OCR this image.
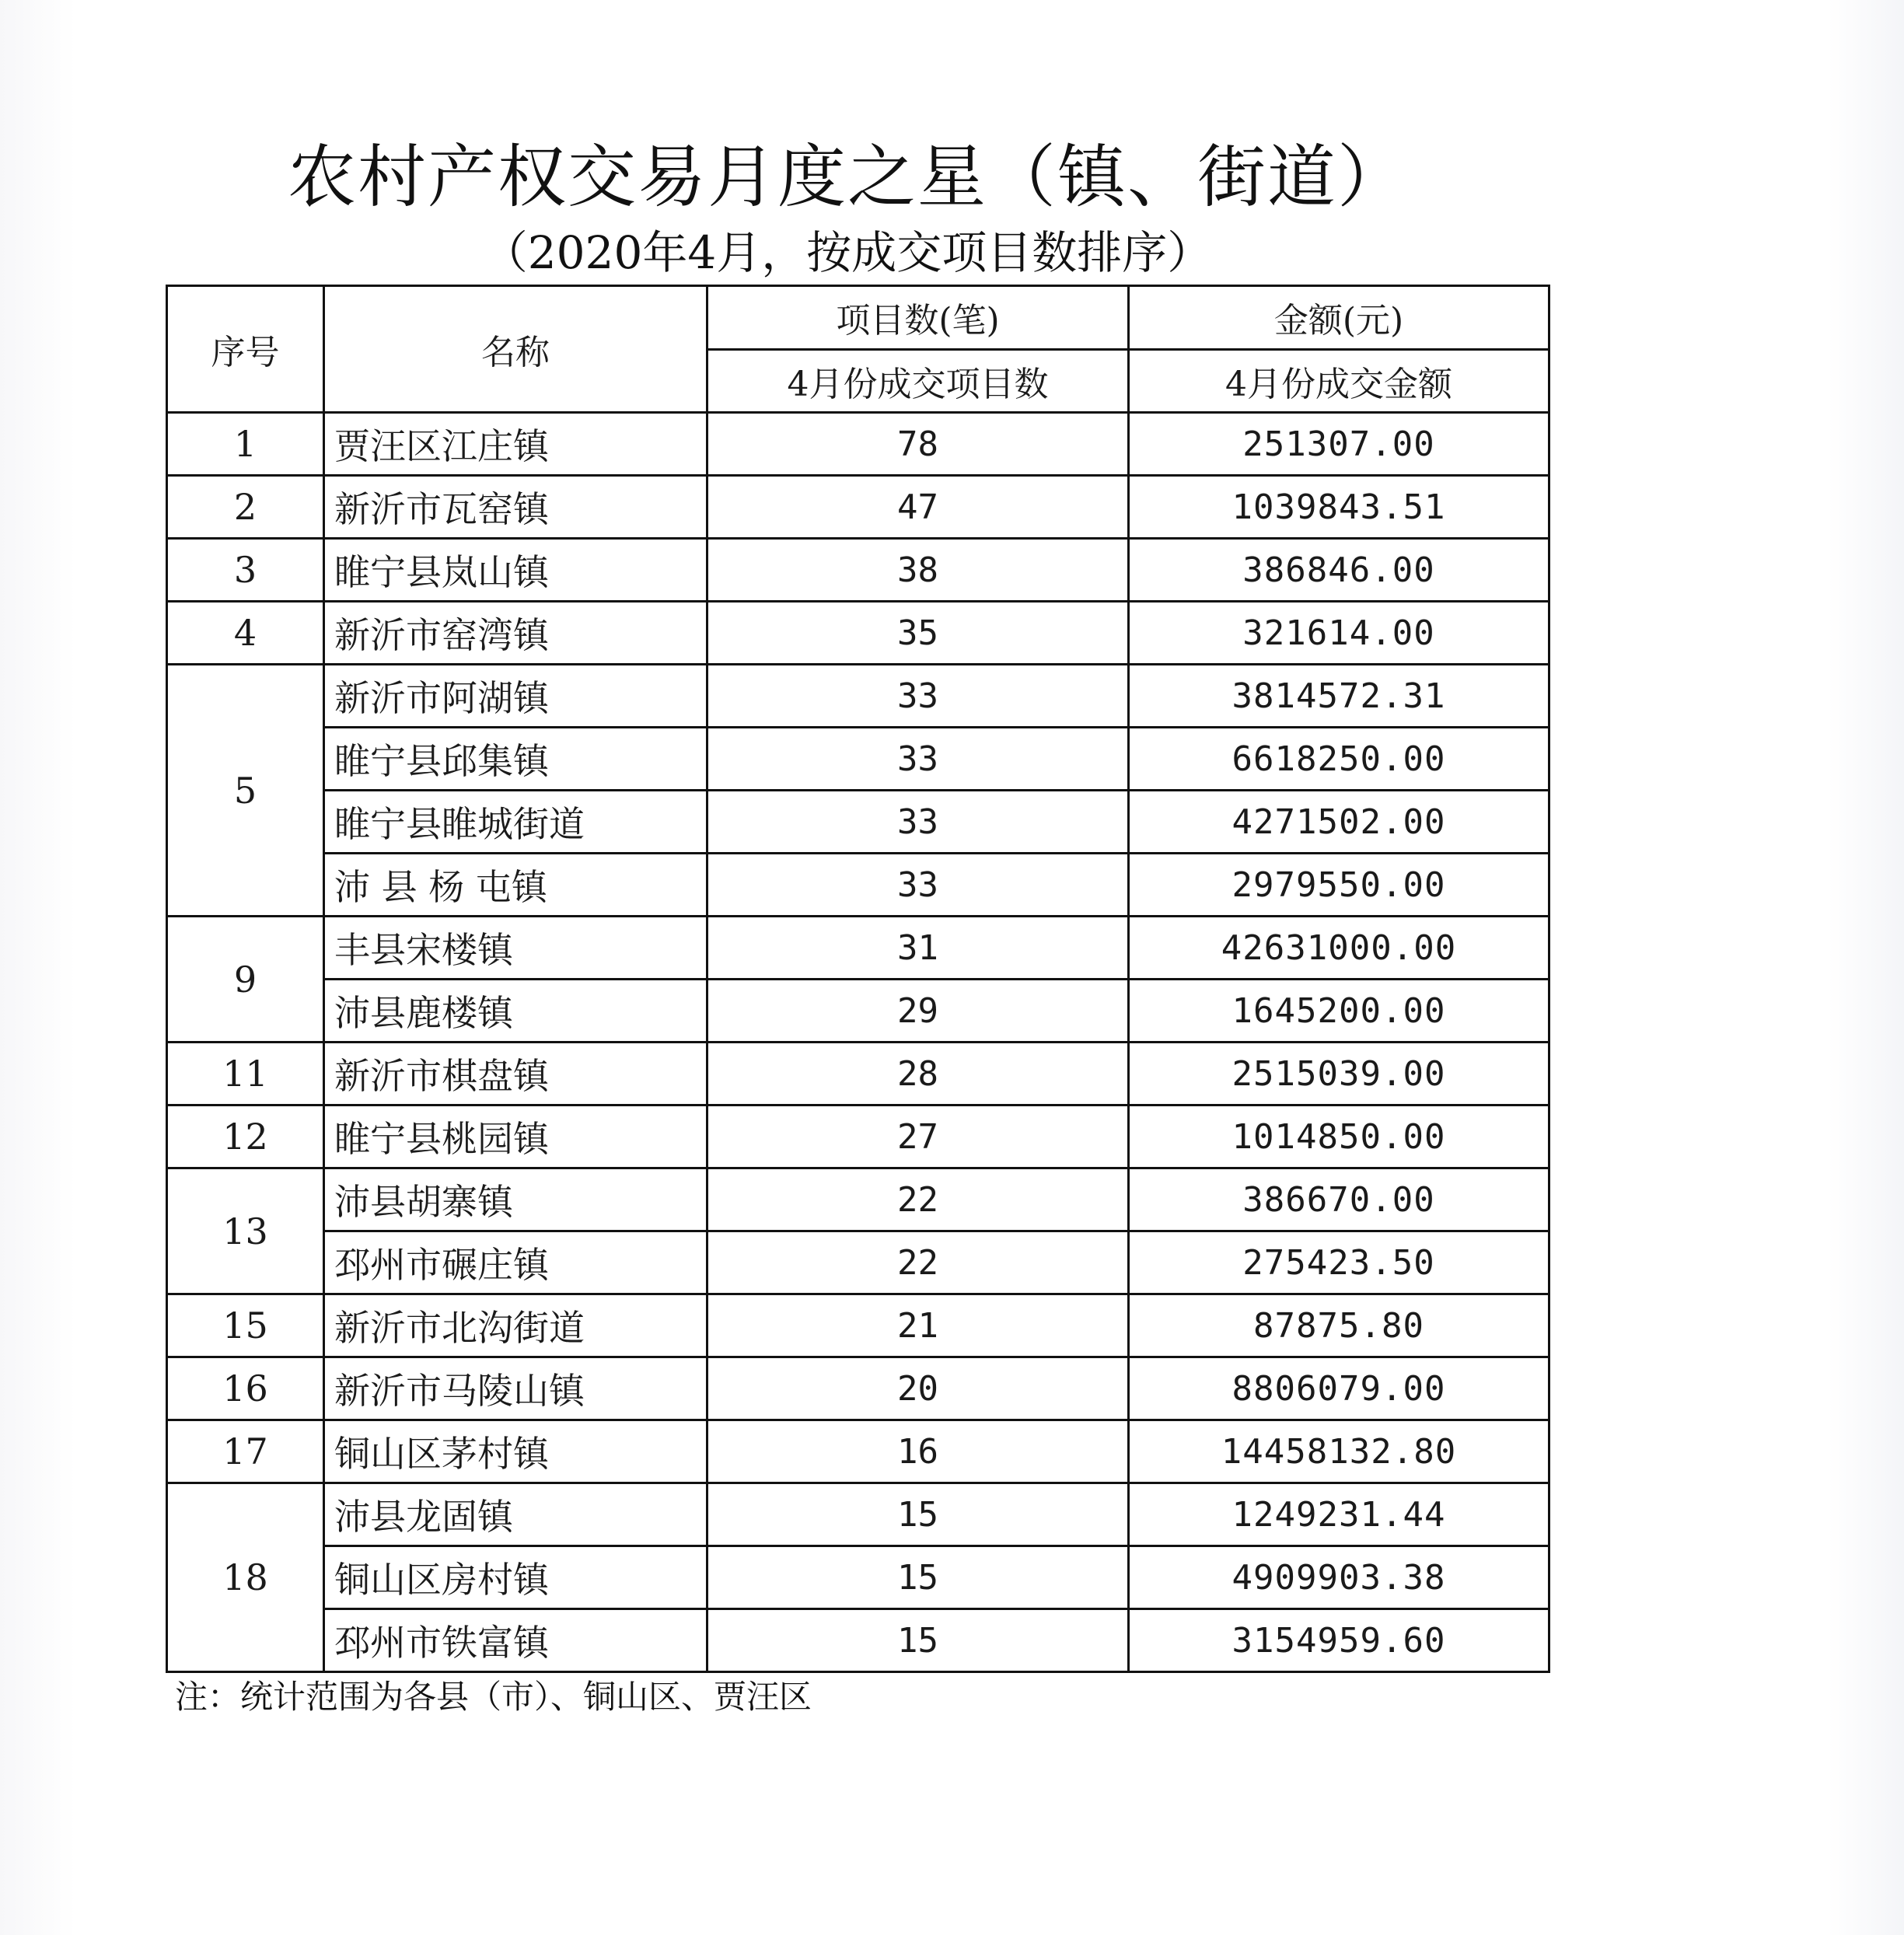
农村产权交易月度之星（镇、街道）
（2020年4月，按成交项目数排序）
序号	名称	项目数(笔)	金额(元)
		4月份成交项目数	4月份成交金额
1	贾汪区江庄镇	78	251307.00
2	新沂市瓦窑镇	47	1039843.51
3	睢宁县岚山镇	38	386846.00
4	新沂市窑湾镇	35	321614.00
5	新沂市阿湖镇	33	3814572.31
	睢宁县邱集镇	33	6618250.00
	睢宁县睢城街道	33	4271502.00
	沛 县 杨 屯镇	33	2979550.00
9	丰县宋楼镇	31	42631000.00
	沛县鹿楼镇	29	1645200.00
11	新沂市棋盘镇	28	2515039.00
12	睢宁县桃园镇	27	1014850.00
13	沛县胡寨镇	22	386670.00
	邳州市碾庄镇	22	275423.50
15	新沂市北沟街道	21	87875.80
16	新沂市马陵山镇	20	8806079.00
17	铜山区茅村镇	16	14458132.80
18	沛县龙固镇	15	1249231.44
	铜山区房村镇	15	4909903.38
	邳州市铁富镇	15	3154959.60
注：统计范围为各县（市）、铜山区、贾汪区
